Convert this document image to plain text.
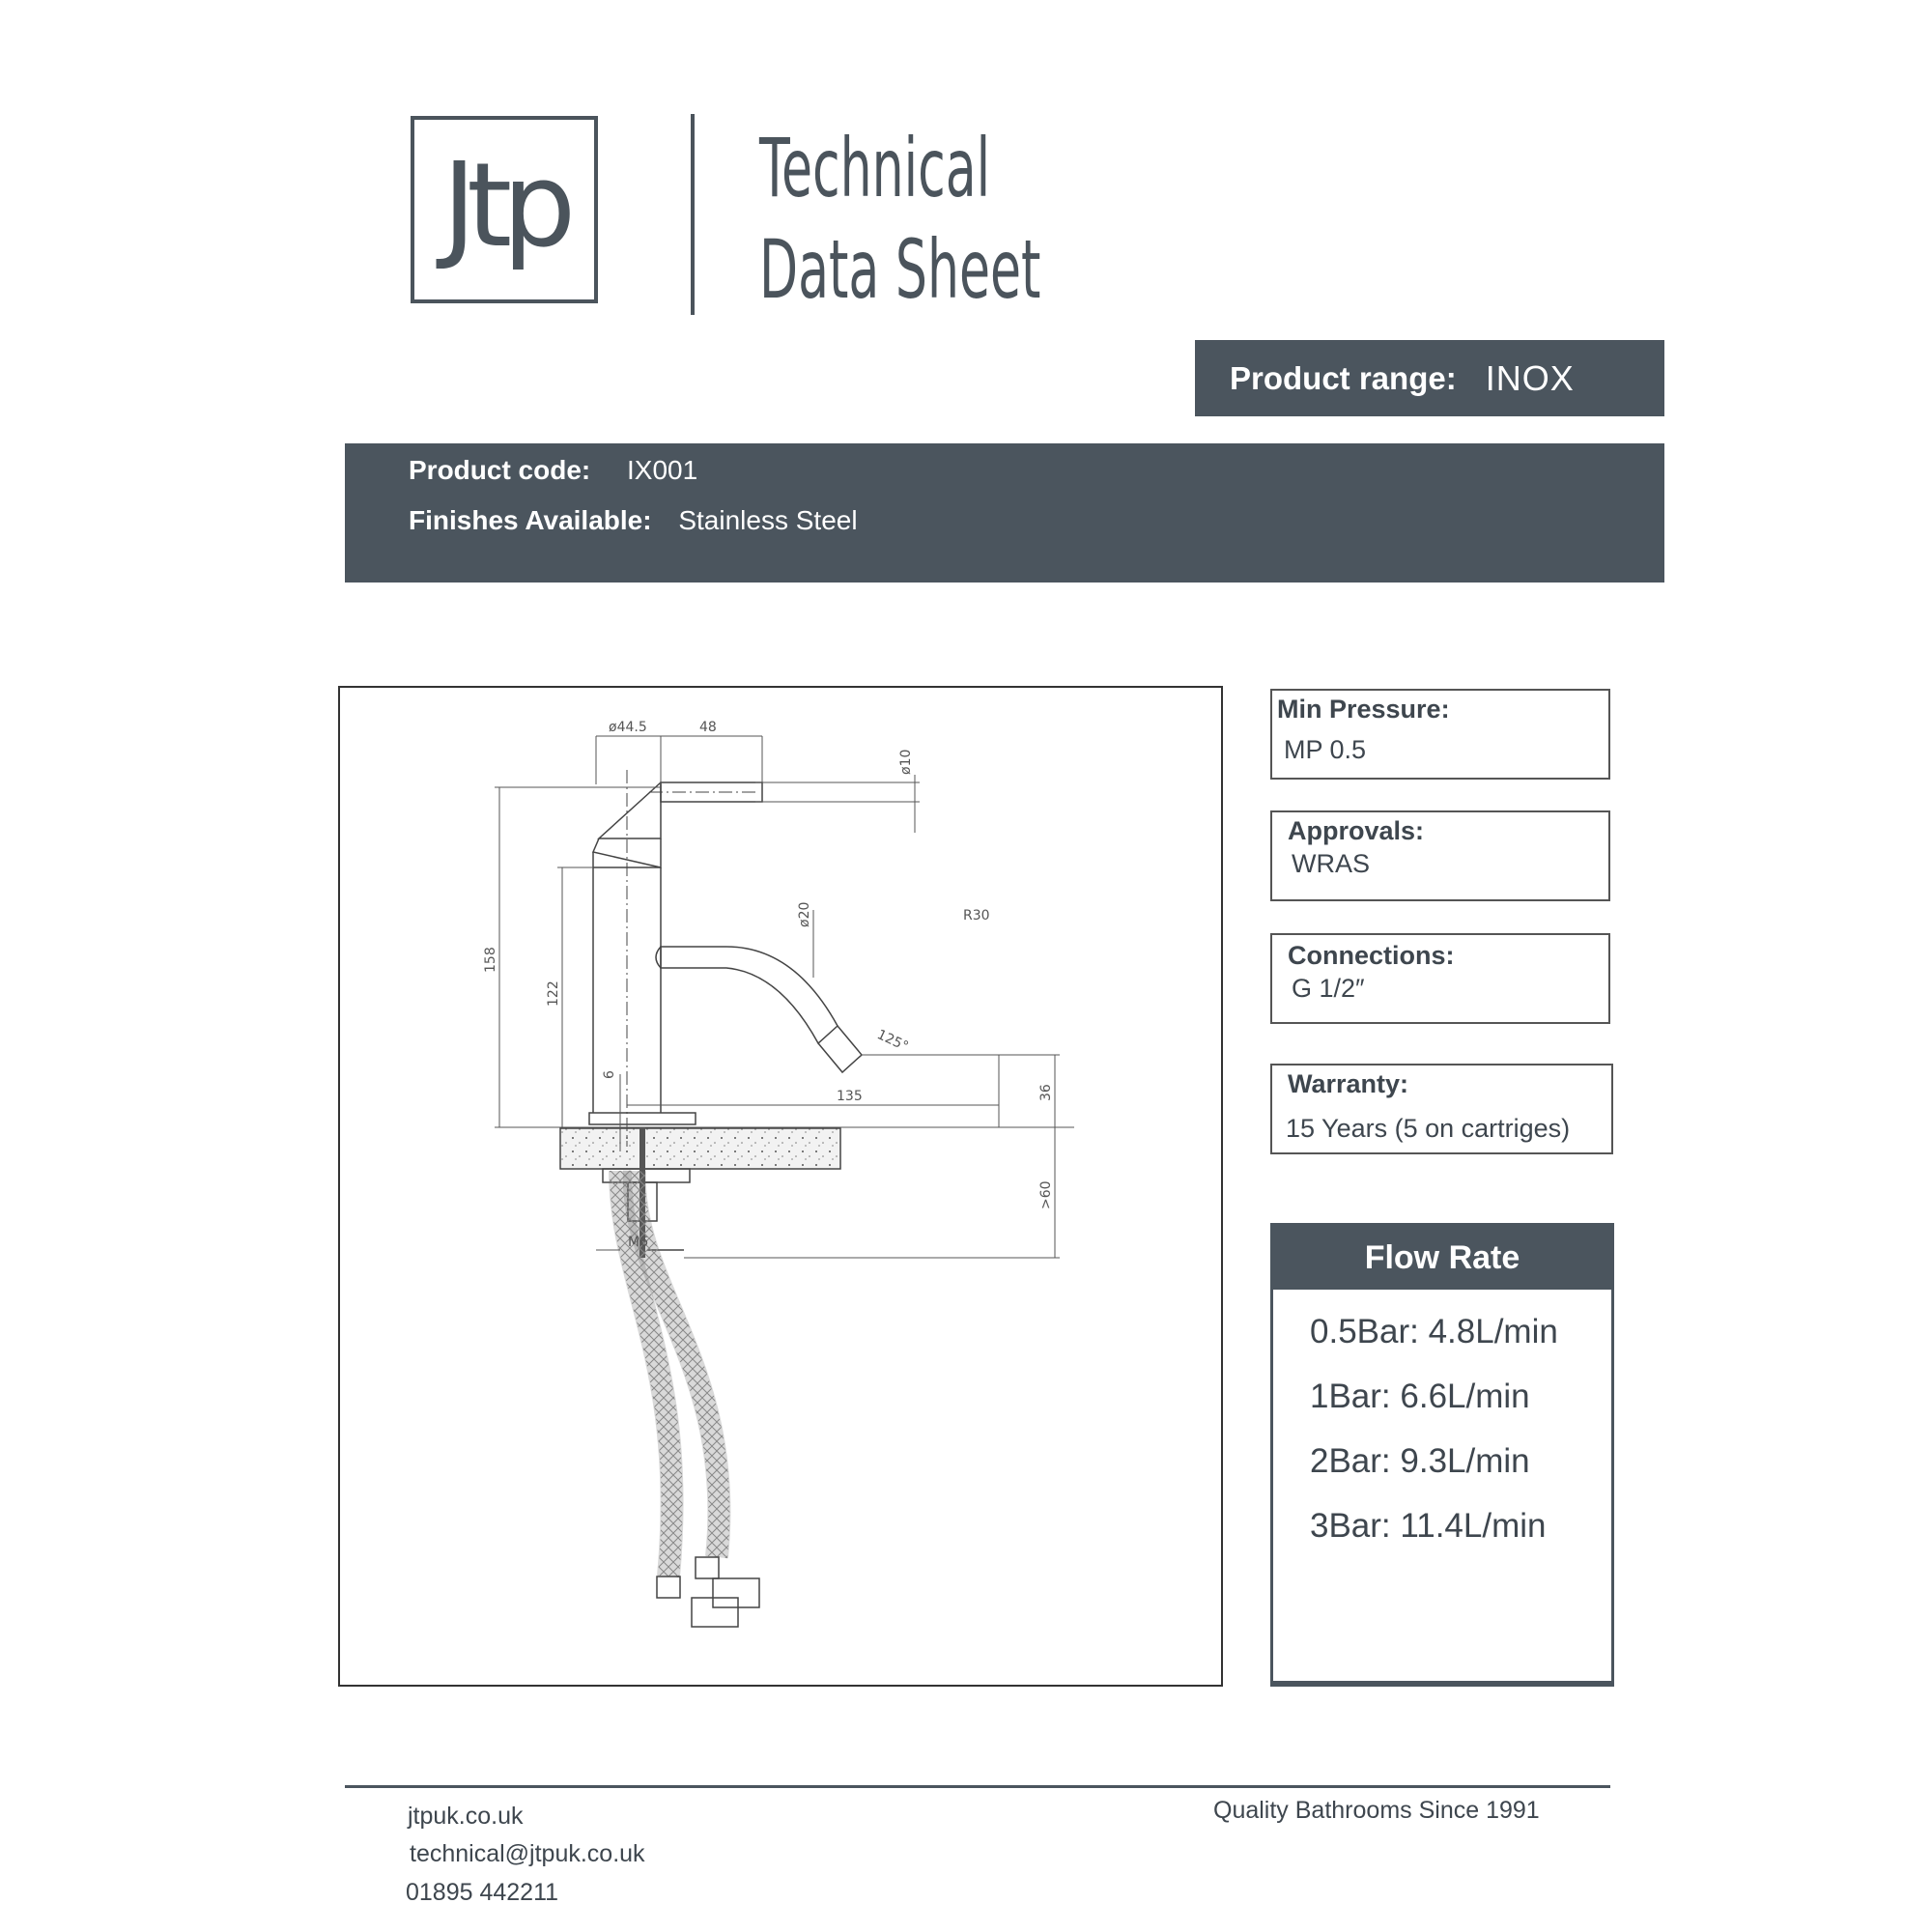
Jtp	Technical
Data Sheet
Product range: INOX
Product code: IX001
Finishes Available: Stainless Steel
ø44.5	48
ø10
158
122
ø20	R30
125°
6
135	36
>60
M6
Min Pressure:
MP 0.5
Approvals:
WRAS
Connections:
G 1/2″
Warranty:
15 Years (5 on cartriges)
Flow Rate
0.5Bar: 4.8L/min
1Bar: 6.6L/min
2Bar: 9.3L/min
3Bar: 11.4L/min
jtpuk.co.uk
technical@jtpuk.co.uk
01895 442211
Quality Bathrooms Since 1991
